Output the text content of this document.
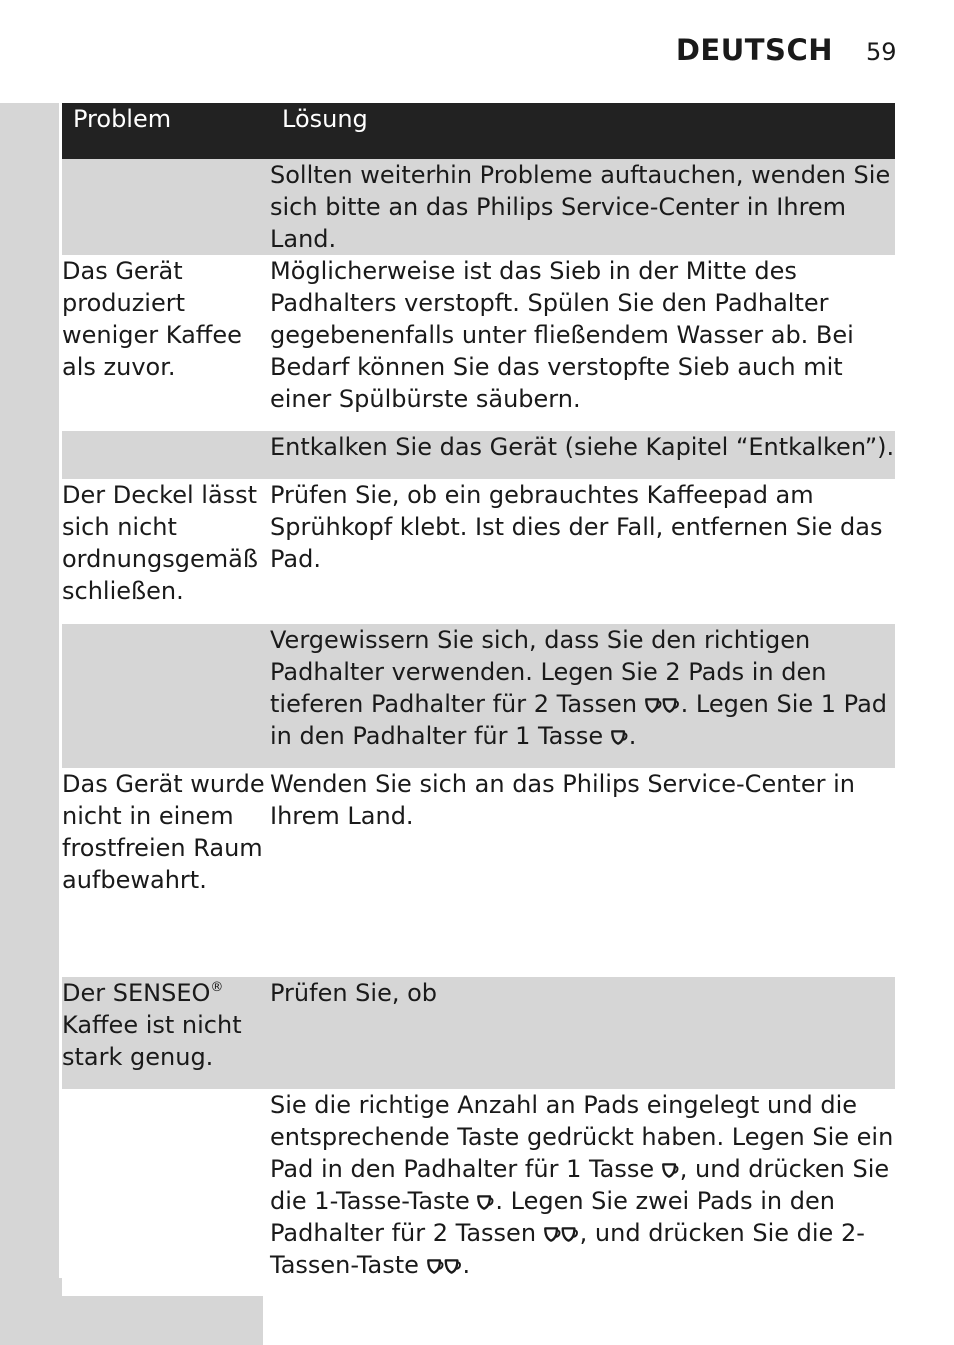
DEUTSCH 59
Problem	Lösung

	Sollten weiterhin Probleme auftauchen, wenden Sie sich bitte an das Philips Service-Center in Ihrem Land.
Das Gerät produziert weniger Kaffee als zuvor.	Möglicherweise ist das Sieb in der Mitte des Padhalters verstopft. Spülen Sie den Padhalter gegebenenfalls unter fließendem Wasser ab. Bei Bedarf können Sie das verstopfte Sieb auch mit einer Spülbürste säubern.
	Entkalken Sie das Gerät (siehe Kapitel “Entkalken”).
Der Deckel lässt sich nicht ordnungsgemäß schließen.	Prüfen Sie, ob ein gebrauchtes Kaffeepad am Sprühkopf klebt. Ist dies der Fall, entfernen Sie das Pad.
	Vergewissern Sie sich, dass Sie den richtigen Padhalter verwenden. Legen Sie 2 Pads in den tieferen Padhalter für 2 Tassen . Legen Sie 1 Pad in den Padhalter für 1 Tasse .
Das Gerät wurde nicht in einem frostfreien Raum aufbewahrt.	Wenden Sie sich an das Philips Service-Center in Ihrem Land.
Der SENSEO® Kaffee ist nicht stark genug.	Prüfen Sie, ob
	Sie die richtige Anzahl an Pads eingelegt und die entsprechende Taste gedrückt haben. Legen Sie ein Pad in den Padhalter für 1 Tasse , und drücken Sie die 1-Tasse-Taste . Legen Sie zwei Pads in den Padhalter für 2 Tassen , und drücken Sie die 2-Tassen-Taste .
